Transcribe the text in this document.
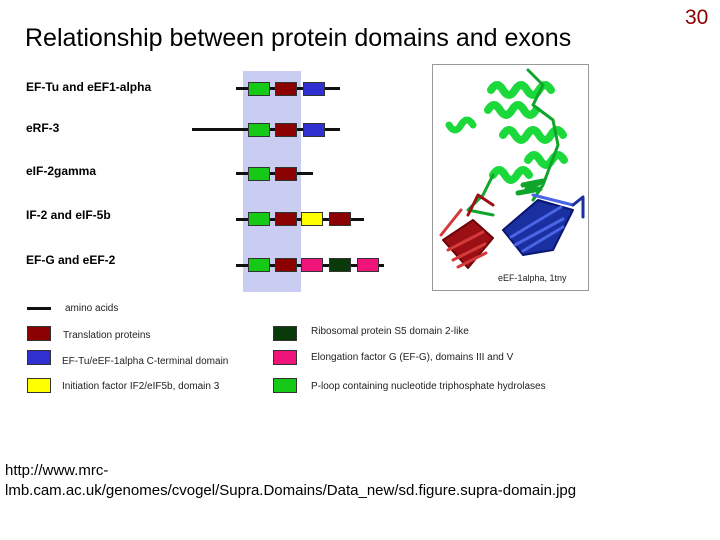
Relationship between protein domains and exons
30
EF-Tu and eEF1-alpha
eRF-3
eIF-2gamma
IF-2 and eIF-5b
EF-G and eEF-2
eEF-1alpha, 1tny
amino acids
Translation proteins
EF-Tu/eEF-1alpha C-terminal domain
Initiation factor IF2/eIF5b, domain 3
Ribosomal protein S5 domain 2-like
Elongation factor G (EF-G), domains III and V
P-loop containing nucleotide triphosphate hydrolases
http://www.mrc-
lmb.cam.ac.uk/genomes/cvogel/Supra.Domains/Data_new/sd.figure.supra-domain.jpg
